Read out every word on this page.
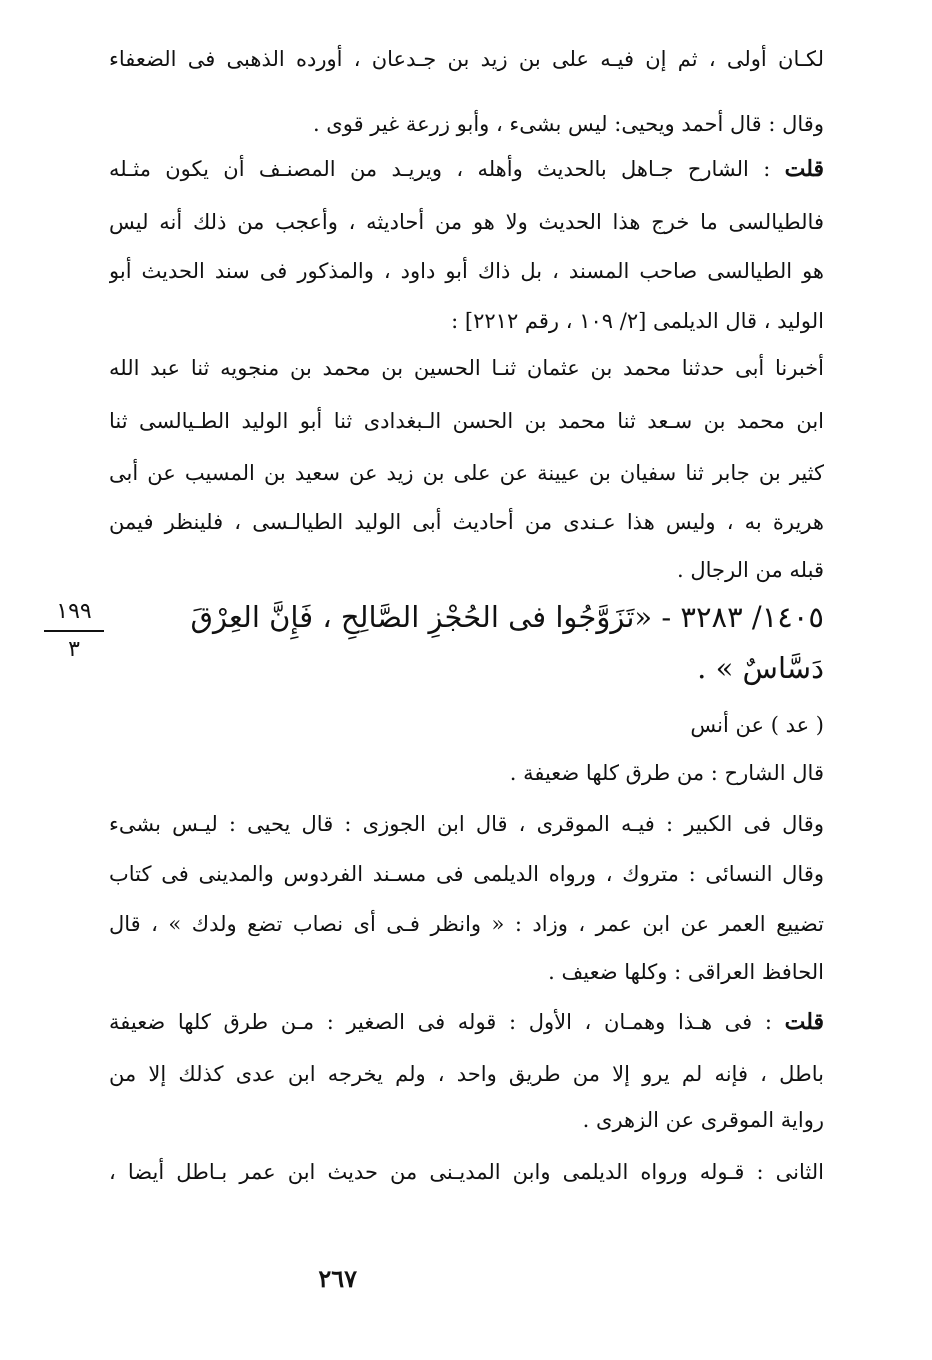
لكـان أولى ، ثم إن فيـه على بن زيد بن جـدعان ، أورده الذهبى فى الضعفاء
وقال : قال أحمد ويحيى: ليس بشىء ، وأبو زرعة غير قوى .
قلت : الشارح جـاهل بالحديث وأهله ، ويريـد من المصنـف أن يكون مثـله
فالطيالسى ما خرج هذا الحديث ولا هو من أحاديثه ، وأعجب من ذلك أنه ليس
هو الطيالسى صاحب المسند ، بل ذاك أبو داود ، والمذكور فى سند الحديث أبو
الوليد ، قال الديلمى [٢/ ١٠٩ ، رقم ٢٢١٢] :
أخبرنا أبى حدثنا محمد بن عثمان ثنـا الحسين بن محمد بن منجويه ثنا عبد الله
ابن محمد بن سـعد ثنا محمد بن الحسن الـبغدادى ثنا أبو الوليد الطـيالسى ثنا
كثير بن جابر ثنا سفيان بن عيينة عن على بن زيد عن سعيد بن المسيب عن أبى
هريرة به ، وليس هذا عـندى من أحاديث أبى الوليد الطيالـسى ، فلينظر فيمن
قبله من الرجال .
١٤٠٥/ ٣٢٨٣ - «تَزَوَّجُوا فى الحُجْزِ الصَّالِحِ ، فَإِنَّ العِرْقَ
دَسَّاسٌ » .
١٩٩
٣
( عد ) عن أنس
قال الشارح : من طرق كلها ضعيفة .
وقال فى الكبير : فيـه الموقرى ، قال ابن الجوزى : قال يحيى : ليـس بشىء
وقال النسائى : متروك ، ورواه الديلمى فى مسـند الفردوس والمدينى فى كتاب
تضييع العمر عن ابن عمر ، وزاد : « وانظر فـى أى نصاب تضع ولدك » ، قال
الحافظ العراقى : وكلها ضعيف .
قلت : فى هـذا وهمـان ، الأول : قوله فى الصغير : مـن طرق كلها ضعيفة
باطل ، فإنه لم يرو إلا من طريق واحد ، ولم يخرجه ابن عدى كذلك إلا من
رواية الموقرى عن الزهرى .
الثانى : قـوله ورواه الديلمى وابن المديـنى من حديث ابن عمر بـاطل أيضا ،
٢٦٧
